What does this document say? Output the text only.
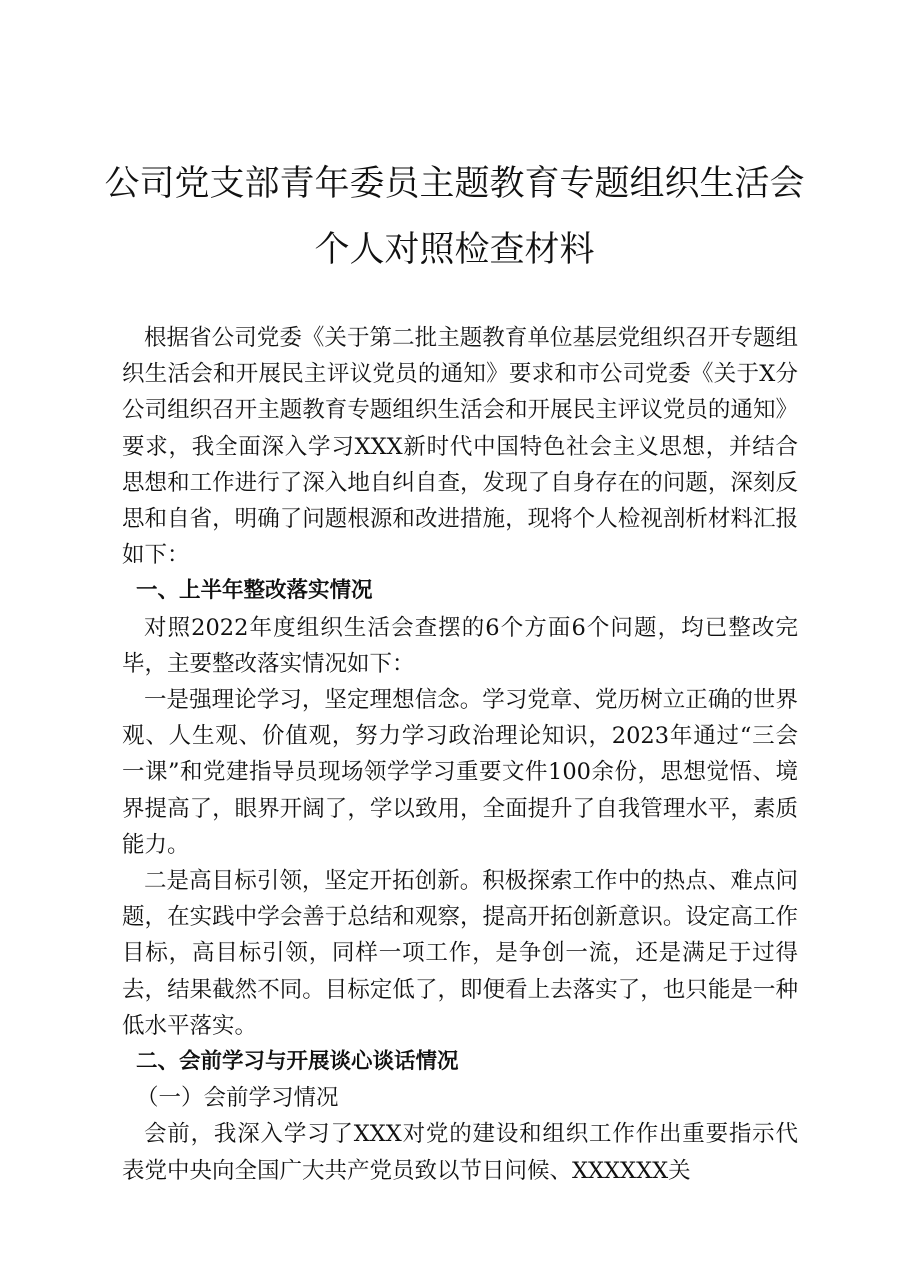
公司党支部青年委员主题教育专题组织生活会
个人对照检查材料

根据省公司党委《关于第二批主题教育单位基层党组织召开专题组织生活会和开展民主评议党员的通知》要求和市公司党委《关于X分公司组织召开主题教育专题组织生活会和开展民主评议党员的通知》要求，我全面深入学习XXX新时代中国特色社会主义思想，并结合思想和工作进行了深入地自纠自查，发现了自身存在的问题，深刻反思和自省，明确了问题根源和改进措施，现将个人检视剖析材料汇报如下：

一、上半年整改落实情况

对照2022年度组织生活会查摆的6个方面6个问题，均已整改完毕，主要整改落实情况如下：

一是强理论学习，坚定理想信念。学习党章、党历树立正确的世界观、人生观、价值观，努力学习政治理论知识，2023年通过“三会一课”和党建指导员现场领学学习重要文件100余份，思想觉悟、境界提高了，眼界开阔了，学以致用，全面提升了自我管理水平，素质能力。

二是高目标引领，坚定开拓创新。积极探索工作中的热点、难点问题，在实践中学会善于总结和观察，提高开拓创新意识。设定高工作目标，高目标引领，同样一项工作，是争创一流，还是满足于过得去，结果截然不同。目标定低了，即便看上去落实了，也只能是一种低水平落实。

二、会前学习与开展谈心谈话情况

（一）会前学习情况

会前，我深入学习了XXX对党的建设和组织工作作出重要指示代表党中央向全国广大共产党员致以节日问候、XXXXXX关
